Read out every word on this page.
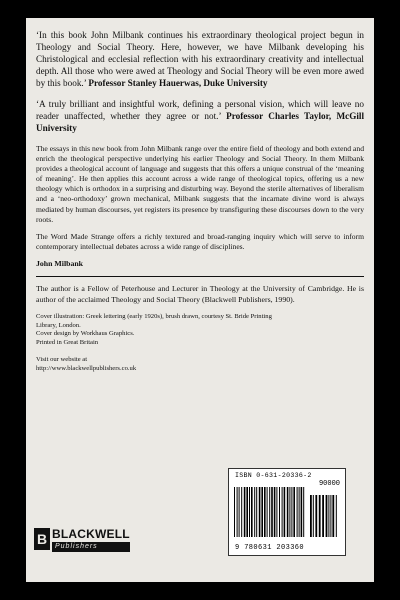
‘In this book John Milbank continues his extraordinary theological project begun in Theology and Social Theory. Here, however, we have Milbank developing his Christological and ecclesial reflection with his extraordinary creativity and intellectual depth. All those who were awed at Theology and Social Theory will be even more awed by this book.’ Professor Stanley Hauerwas, Duke University

‘A truly brilliant and insightful work, defining a personal vision, which will leave no reader unaffected, whether they agree or not.’ Professor Charles Taylor, McGill University

The essays in this new book from John Milbank range over the entire field of theology and both extend and enrich the theological perspective underlying his earlier Theology and Social Theory. In them Milbank provides a theological account of language and suggests that this offers a unique construal of the ‘meaning of meaning’. He then applies this account across a wide range of theological topics, offering us a new theology which is orthodox in a surprising and disturbing way. Beyond the sterile alternatives of liberalism and a ‘neo-orthodoxy’ grown mechanical, Milbank suggests that the incarnate divine word is always mediated by human discourses, yet registers its presence by transfiguring these discourses down to the very roots.

The Word Made Strange offers a richly textured and broad-ranging inquiry which will serve to inform contemporary intellectual debates across a wide range of disciplines.

John Milbank

The author is a Fellow of Peterhouse and Lecturer in Theology at the University of Cambridge. He is author of the acclaimed Theology and Social Theory (Blackwell Publishers, 1990).

Cover illustration: Greek lettering (early 1920s), brush drawn, courtesy St. Bride Printing

Library, London.

Cover design by Workhaus Graphics.

Printed in Great Britain

Visit our website at

http://www.blackwellpublishers.co.uk

B BLACKWELL
Publishers
ISBN 0-631-20336-2
90000
9 780631 203360
